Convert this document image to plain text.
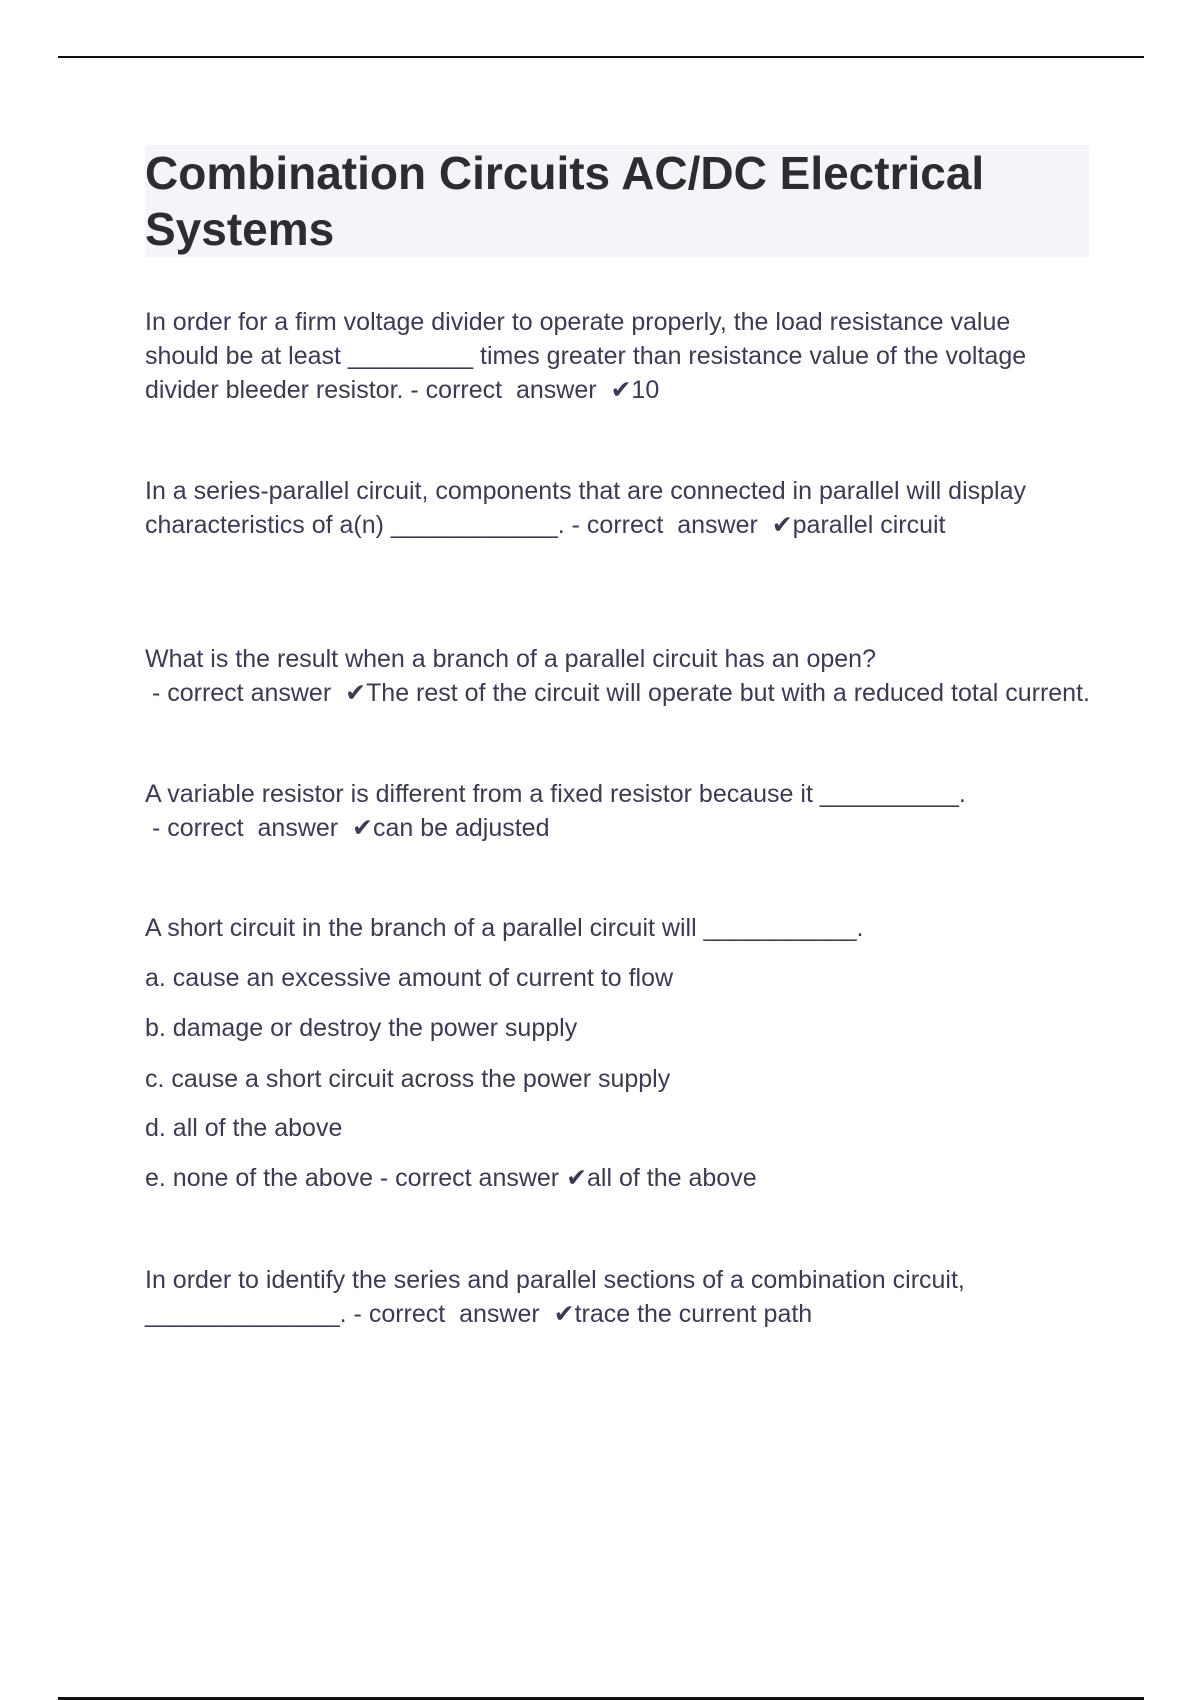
Combination Circuits AC/DC Electrical Systems

In order for a firm voltage divider to operate properly, the load resistance value should be at least _________ times greater than resistance value of the voltage divider bleeder resistor. - correct  answer  ✔10

In a series-parallel circuit, components that are connected in parallel will display characteristics of a(n) ____________. - correct  answer  ✔parallel circuit

What is the result when a branch of a parallel circuit has an open? - correct answer  ✔The rest of the circuit will operate but with a reduced total current.

A variable resistor is different from a fixed resistor because it __________. - correct  answer  ✔can be adjusted

A short circuit in the branch of a parallel circuit will ___________.

a. cause an excessive amount of current to flow

b. damage or destroy the power supply

c. cause a short circuit across the power supply

d. all of the above

e. none of the above - correct answer ✔all of the above

In order to identify the series and parallel sections of a combination circuit, ______________. - correct  answer  ✔trace the current path
